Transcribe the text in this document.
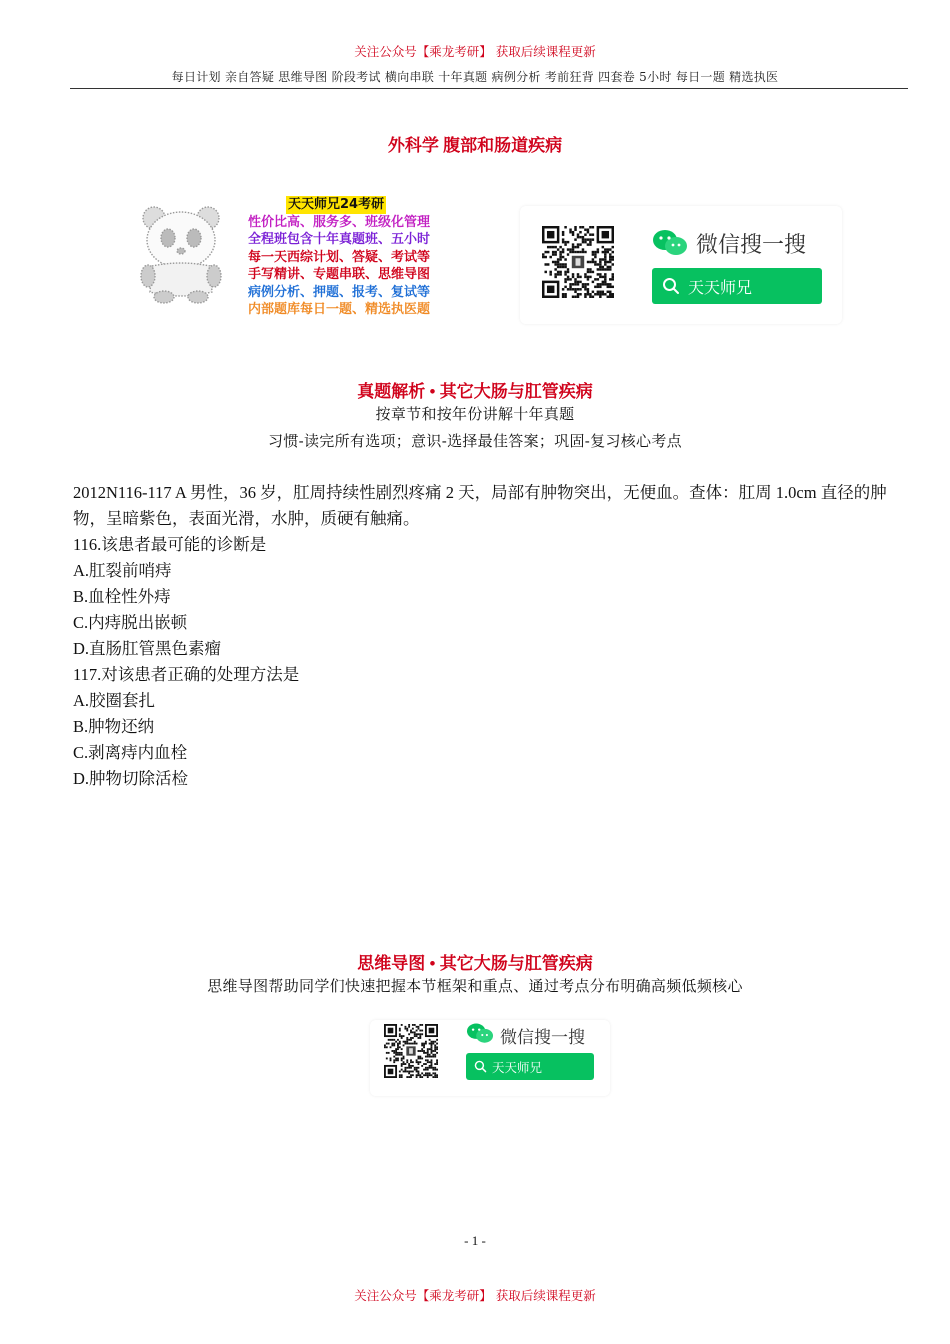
关注公众号【乘龙考研】 获取后续课程更新
每日计划 亲自答疑 思维导图 阶段考试 横向串联 十年真题 病例分析 考前狂背 四套卷 5小时 每日一题 精选执医
外科学 腹部和肠道疾病
天天师兄24考研
性价比高、服务多、班级化管理
全程班包含十年真题班、五小时
每一天西综计划、答疑、考试等
手写精讲、专题串联、思维导图
病例分析、押题、报考、复试等
内部题库每日一题、精选执医题
微信搜一搜
天天师兄
真题解析 • 其它大肠与肛管疾病
按章节和按年份讲解十年真题
习惯-读完所有选项；意识-选择最佳答案；巩固-复习核心考点

2012N116-117 A 男性，36 岁，肛周持续性剧烈疼痛 2 天，局部有肿物突出，无便血。查体：肛周 1.0cm 直径的肿物，呈暗紫色，表面光滑，水肿，质硬有触痛。

116.该患者最可能的诊断是

A.肛裂前哨痔

B.血栓性外痔

C.内痔脱出嵌顿

D.直肠肛管黑色素瘤

117.对该患者正确的处理方法是

A.胶圈套扎

B.肿物还纳

C.剥离痔内血栓

D.肿物切除活检

思维导图 • 其它大肠与肛管疾病
思维导图帮助同学们快速把握本节框架和重点、通过考点分布明确高频低频核心
微信搜一搜
天天师兄
- 1 -
关注公众号【乘龙考研】 获取后续课程更新
